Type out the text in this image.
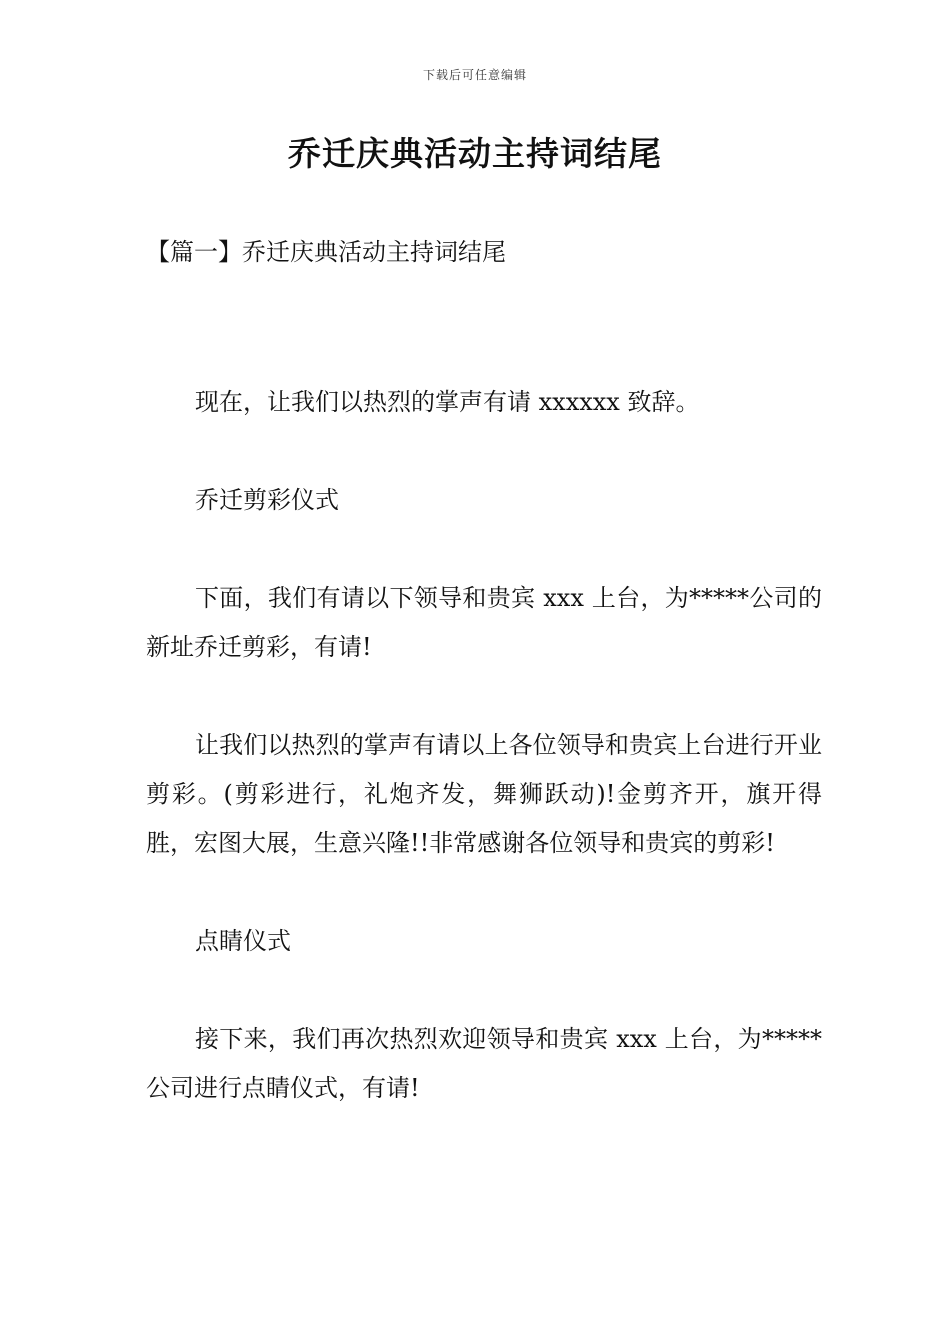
下载后可任意编辑
乔迁庆典活动主持词结尾
【篇一】乔迁庆典活动主持词结尾

现在，让我们以热烈的掌声有请 xxxxxx 致辞。

乔迁剪彩仪式

下面，我们有请以下领导和贵宾 xxx 上台，为*****公司的新址乔迁剪彩，有请!

让我们以热烈的掌声有请以上各位领导和贵宾上台进行开业剪彩。(剪彩进行，礼炮齐发，舞狮跃动)!金剪齐开，旗开得胜，宏图大展，生意兴隆!!非常感谢各位领导和贵宾的剪彩!

点睛仪式

接下来，我们再次热烈欢迎领导和贵宾 xxx 上台，为*****公司进行点睛仪式，有请!
